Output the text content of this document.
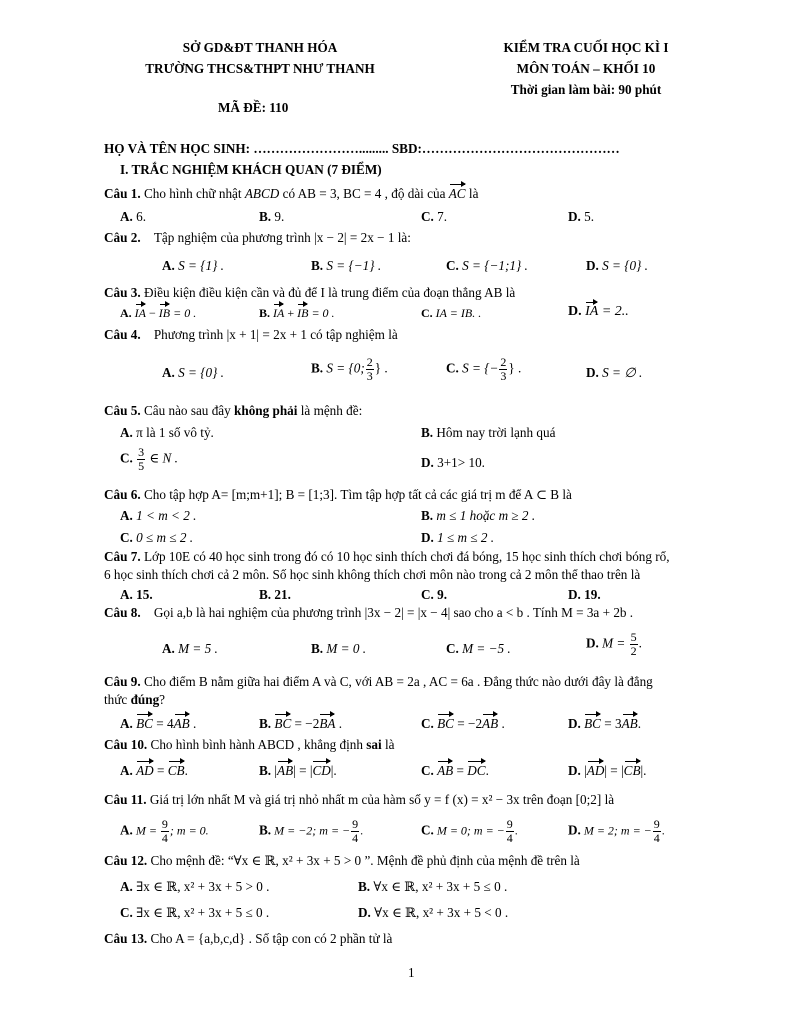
SỞ GD&ĐT THANH HÓA
TRƯỜNG THCS&THPT NHƯ THANH
MÃ ĐỀ: 110
KIỂM TRA CUỐI HỌC KÌ I
MÔN TOÁN – KHỐI 10
Thời gian làm bài: 90 phút
HỌ VÀ TÊN HỌC SINH: ……………………......... SBD:………………………………………
I. TRẮC NGHIỆM KHÁCH QUAN (7 ĐIỂM)
Câu 1. Cho hình chữ nhật ABCD có AB = 3, BC = 4 , độ dài của AC là
A. 6.	B. 9.	C. 7.	D. 5.
Câu 2. Tập nghiệm của phương trình |x − 2| = 2x − 1 là:
A. S = {1} .	B. S = {−1} .	C. S = {−1;1} .	D. S = {0} .
Câu 3. Điều kiện điều kiện cần và đủ để I là trung điểm của đoạn thẳng AB là
A. IA − IB = 0 .	B. IA + IB = 0 .	C. IA = IB. .	D. IA = 2..
Câu 4. Phương trình |x + 1| = 2x + 1 có tập nghiệm là
A. S = {0} .	B. S = {0; $\frac{2}{3}$ } .	C. S = {− $\frac{2}{3}$ } .	D. S = ∅ .
Câu 5. Câu nào sau đây không phải là mệnh đề:
A. π là 1 số vô tỷ.	B. Hôm nay trời lạnh quá
C. $\frac{3}{5}$ ∈ N .	D. 3+1> 10.
Câu 6. Cho tập hợp A= [m;m+1]; B = [1;3]. Tìm tập hợp tất cả các giá trị m để A ⊂ B là
A. 1 < m < 2 .	B. m ≤ 1 hoặc m ≥ 2 .
C. 0 ≤ m ≤ 2 .	D. 1 ≤ m ≤ 2 .
Câu 7. Lớp 10E có 40 học sinh trong đó có 10 học sinh thích chơi đá bóng, 15 học sinh thích chơi bóng rổ,
6 học sinh thích chơi cả 2 môn. Số học sinh không thích chơi môn nào trong cả 2 môn thể thao trên là
A. 15.	B. 21.	C. 9.	D. 19.
Câu 8. Gọi a,b là hai nghiệm của phương trình |3x − 2| = |x − 4| sao cho a < b . Tính M = 3a + 2b .
A. M = 5 .	B. M = 0 .	C. M = −5 .	D. $M = \frac{5}{2}$ .
Câu 9. Cho điểm B nằm giữa hai điểm A và C, với AB = 2a , AC = 6a . Đẳng thức nào dưới đây là đẳng
thức đúng?
A. BC = 4AB .	B. BC = −2BA .	C. BC = −2AB .	D. BC = 3AB.
Câu 10. Cho hình bình hành ABCD , khẳng định sai là
A. AD = CB.	B. |AB| = |CD|.	C. AB = DC.	D. |AD| = |CB|.
Câu 11. Giá trị lớn nhất M và giá trị nhỏ nhất m của hàm số y = f (x) = x² − 3x trên đoạn [0;2] là
A. $M = \frac{9}{4}$ ; m = 0.	B. M = −2; m = − $\frac{9}{4}$ .	C. M = 0; m = − $\frac{9}{4}$ .	D. M = 2; m = − $\frac{9}{4}$ .
Câu 12. Cho mệnh đề: “∀x ∈ ℝ, x² + 3x + 5 > 0 ”. Mệnh đề phủ định của mệnh đề trên là
A. ∃x ∈ ℝ, x² + 3x + 5 > 0 .	B. ∀x ∈ ℝ, x² + 3x + 5 ≤ 0 .
C. ∃x ∈ ℝ, x² + 3x + 5 ≤ 0 .	D. ∀x ∈ ℝ, x² + 3x + 5 < 0 .
Câu 13. Cho A = {a,b,c,d} . Số tập con có 2 phần tử là
1
